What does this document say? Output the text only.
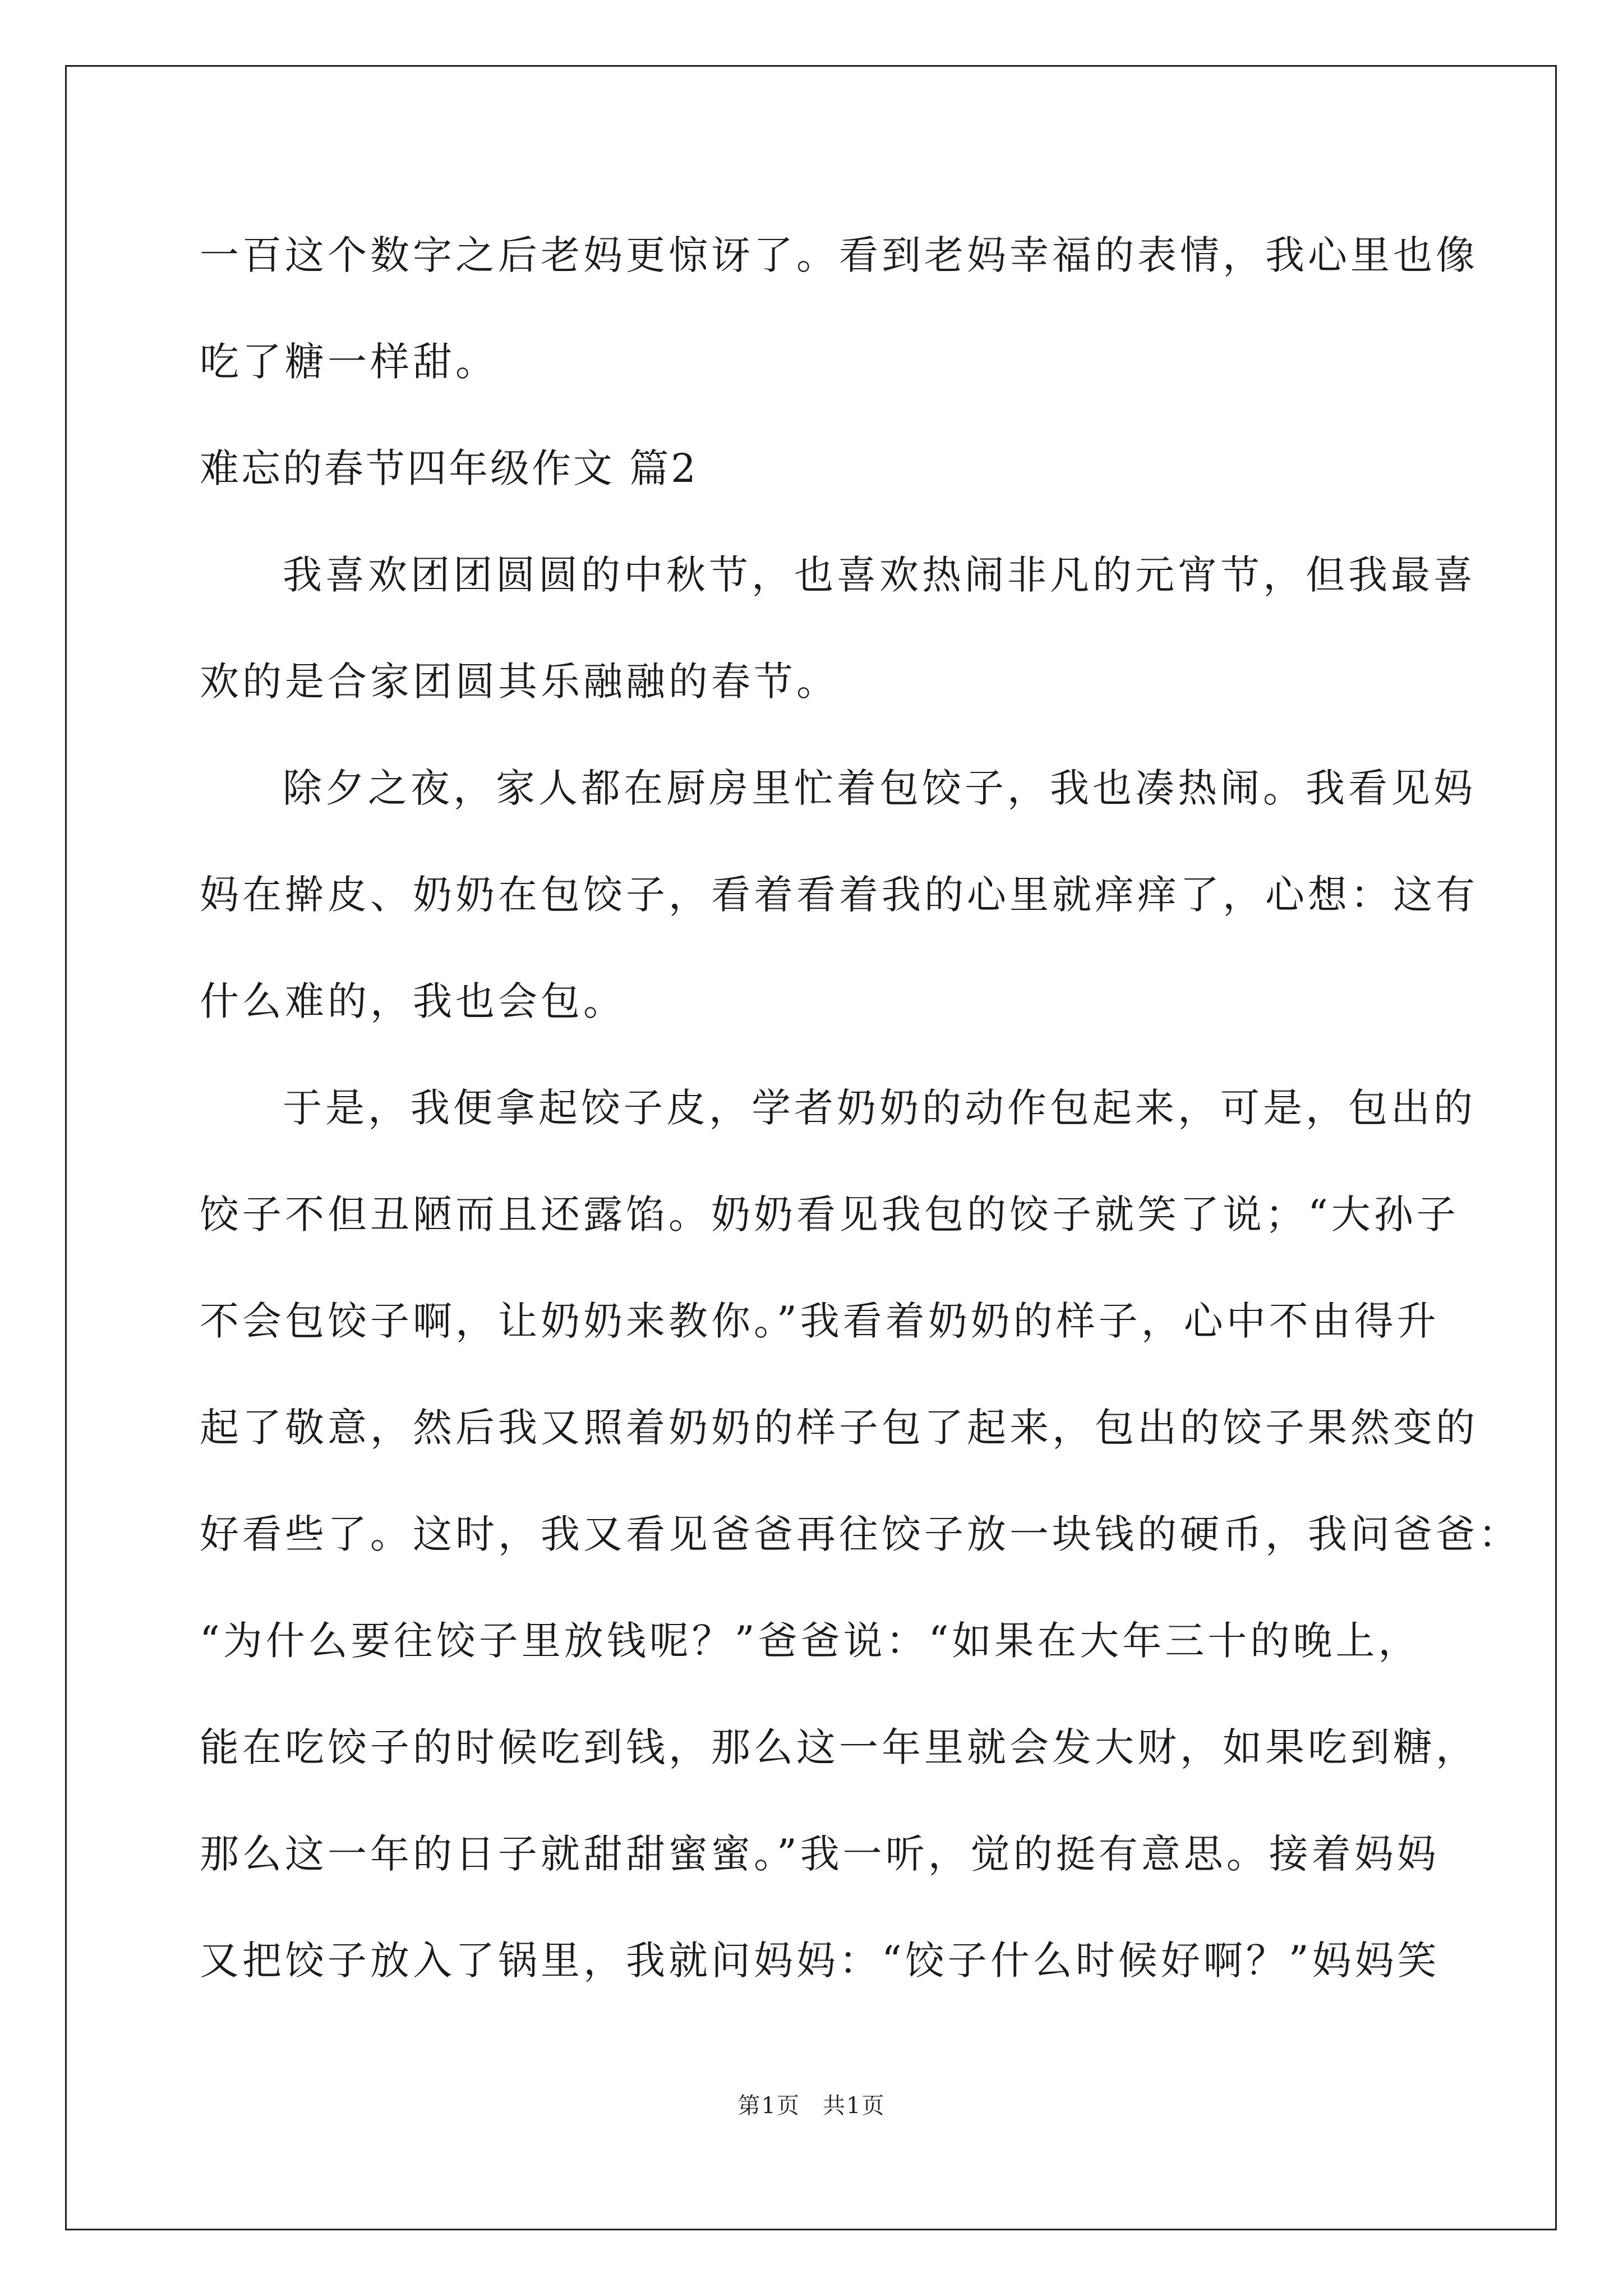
一百这个数字之后老妈更惊讶了。看到老妈幸福的表情，我心里也像
吃了糖一样甜。
难忘的春节四年级作文 篇2
我喜欢团团圆圆的中秋节，也喜欢热闹非凡的元宵节，但我最喜
欢的是合家团圆其乐融融的春节。
除夕之夜，家人都在厨房里忙着包饺子，我也凑热闹。我看见妈
妈在擀皮、奶奶在包饺子，看着看着我的心里就痒痒了，心想：这有
什么难的，我也会包。
于是，我便拿起饺子皮，学者奶奶的动作包起来，可是，包出的
饺子不但丑陋而且还露馅。奶奶看见我包的饺子就笑了说；“大孙子
不会包饺子啊，让奶奶来教你。”我看着奶奶的样子，心中不由得升
起了敬意，然后我又照着奶奶的样子包了起来，包出的饺子果然变的
好看些了。这时，我又看见爸爸再往饺子放一块钱的硬币，我问爸爸：
“为什么要往饺子里放钱呢？”爸爸说：“如果在大年三十的晚上，
能在吃饺子的时候吃到钱，那么这一年里就会发大财，如果吃到糖，
那么这一年的日子就甜甜蜜蜜。”我一听，觉的挺有意思。接着妈妈
又把饺子放入了锅里，我就问妈妈：“饺子什么时候好啊？”妈妈笑
第1页 共1页
